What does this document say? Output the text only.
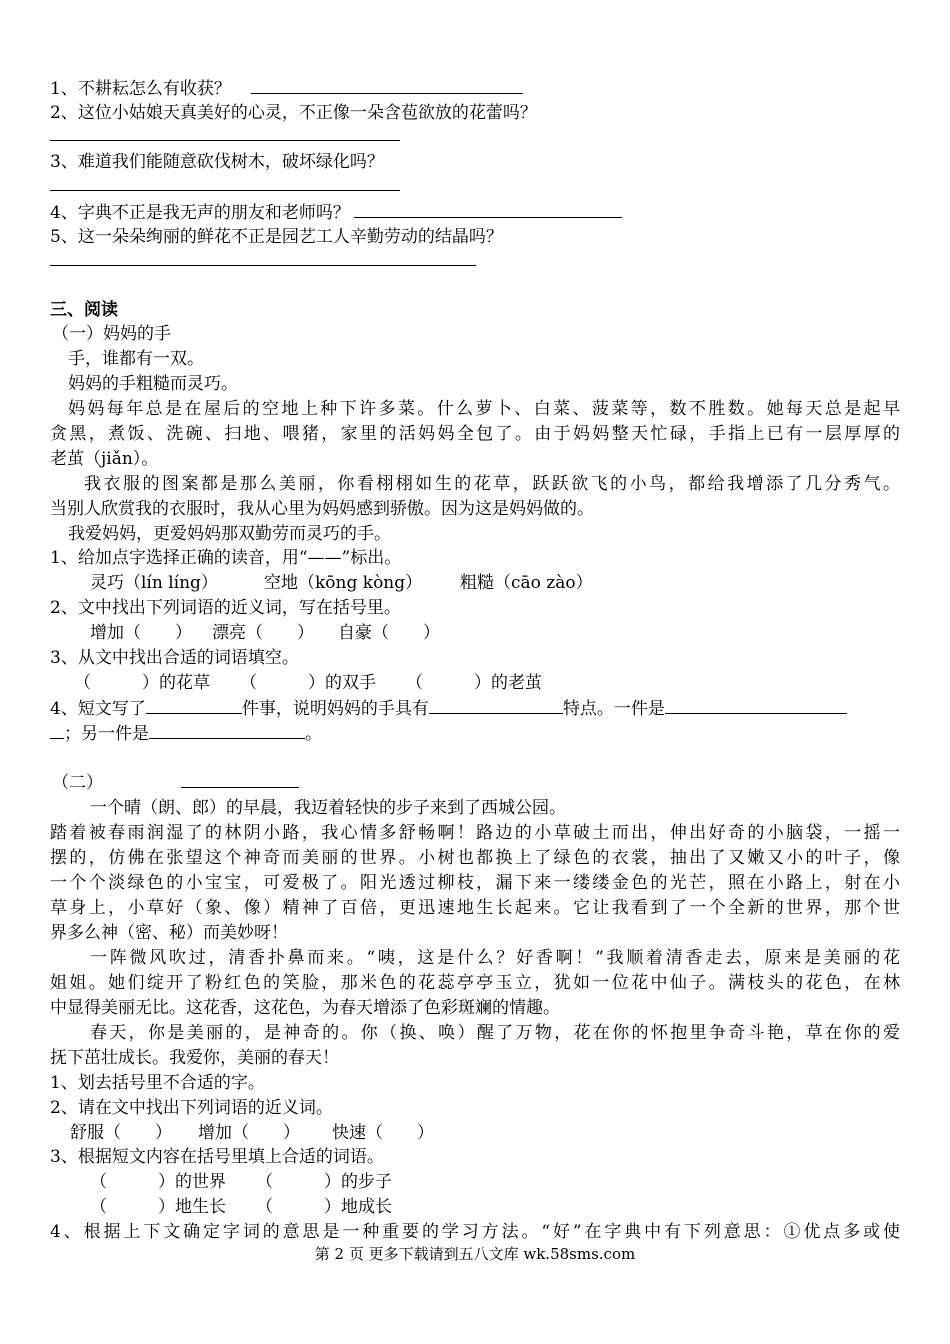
1、不耕耘怎么有收获？
2、这位小姑娘天真美好的心灵，不正像一朵含苞欲放的花蕾吗？
3、难道我们能随意砍伐树木，破坏绿化吗？
4、字典不正是我无声的朋友和老师吗？
5、这一朵朵绚丽的鲜花不正是园艺工人辛勤劳动的结晶吗？
三、阅读
（一）妈妈的手
手，谁都有一双。
妈妈的手粗糙而灵巧。
妈妈每年总是在屋后的空地上种下许多菜。什么萝卜、白菜、菠菜等，数不胜数。她每天总是起早
贪黑，煮饭、洗碗、扫地、喂猪，家里的活妈妈全包了。由于妈妈整天忙碌，手指上已有一层厚厚的
老茧（jiǎn）。
我衣服的图案都是那么美丽，你看栩栩如生的花草，跃跃欲飞的小鸟，都给我增添了几分秀气。
当别人欣赏我的衣服时，我从心里为妈妈感到骄傲。因为这是妈妈做的。
我爱妈妈，更爱妈妈那双勤劳而灵巧的手。
1、给加点字选择正确的读音，用“——”标出。
灵巧（lín líng）	空地（kōng kòng） 粗糙（cāo zào）
2、文中找出下列词语的近义词，写在括号里。
增加（　　） 漂亮（　　） 自豪（　　）
3、从文中找出合适的词语填空。
（　　　）的花草 （　　　）的双手 （　　　）的老茧
4、短文写了	件事，说明妈妈的手具有	特点。一件是
；另一件是	。
（二）
一个晴（朗、郎）的早晨，我迈着轻快的步子来到了西城公园。
踏着被春雨润湿了的林阴小路，我心情多舒畅啊！路边的小草破土而出，伸出好奇的小脑袋，一摇一
摆的，仿佛在张望这个神奇而美丽的世界。小树也都换上了绿色的衣裳，抽出了又嫩又小的叶子，像
一个个淡绿色的小宝宝，可爱极了。阳光透过柳枝，漏下来一缕缕金色的光芒，照在小路上，射在小
草身上，小草好（象、像）精神了百倍，更迅速地生长起来。它让我看到了一个全新的世界，那个世
界多么神（密、秘）而美妙呀！
一阵微风吹过，清香扑鼻而来。“咦，这是什么？好香啊！”我顺着清香走去，原来是美丽的花
姐姐。她们绽开了粉红色的笑脸，那米色的花蕊亭亭玉立，犹如一位花中仙子。满枝头的花色，在林
中显得美丽无比。这花香，这花色，为春天增添了色彩斑斓的情趣。
春天，你是美丽的，是神奇的。你（换、唤）醒了万物，花在你的怀抱里争奇斗艳，草在你的爱
抚下茁壮成长。我爱你，美丽的春天！
1、划去括号里不合适的字。
2、请在文中找出下列词语的近义词。
舒服（　　） 增加（　　） 快速（　　）
3、根据短文内容在括号里填上合适的词语。
（　　　）的世界 （　　　）的步子
（　　　）地生长 （　　　）地成长
4、根据上下文确定字词的意思是一种重要的学习方法。“好”在字典中有下列意思：①优点多或使
第 2 页 更多下载请到五八文库 wk.58sms.com
